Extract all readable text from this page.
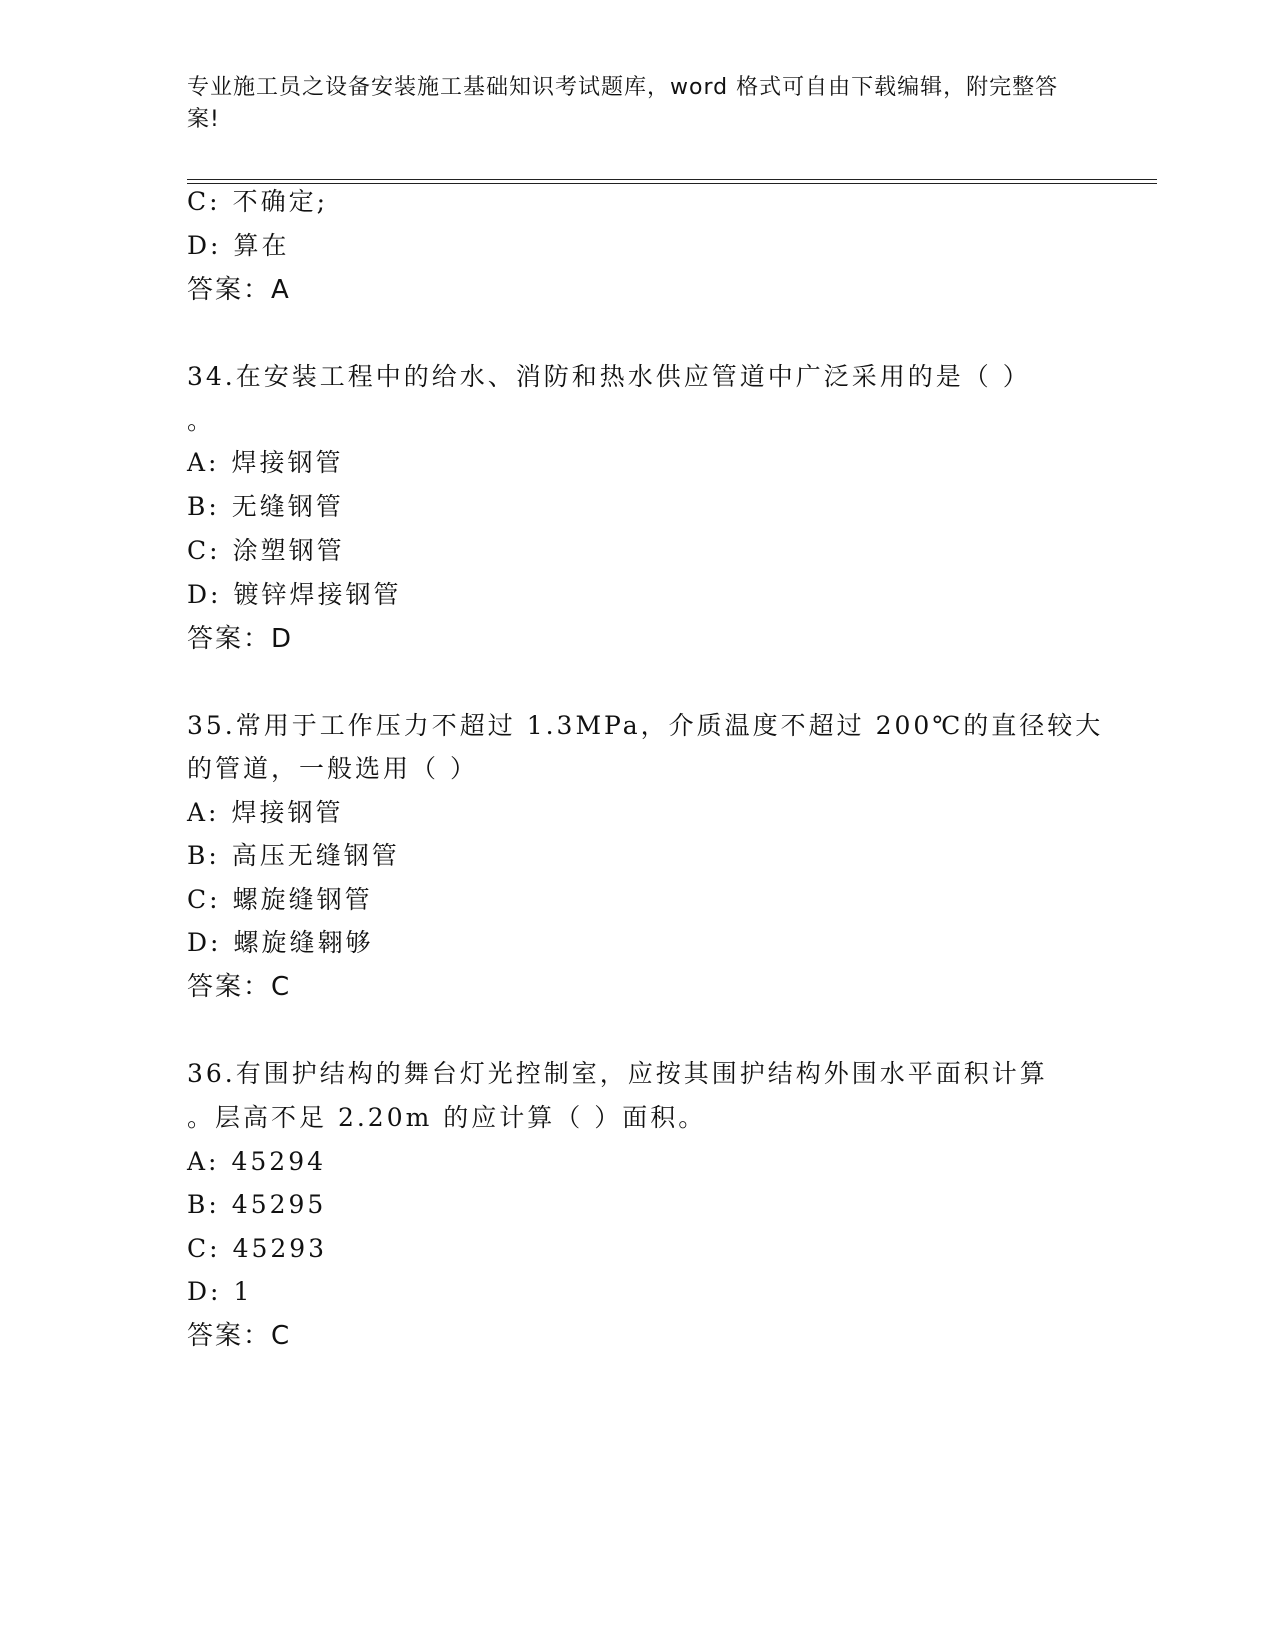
专业施工员之设备安装施工基础知识考试题库，word 格式可自由下载编辑，附完整答案!
C: 不确定;
D: 算在
答案：A
34.在安装工程中的给水、消防和热水供应管道中广泛采用的是（ ）
。
A: 焊接钢管
B: 无缝钢管
C: 涂塑钢管
D: 镀锌焊接钢管
答案：D
35.常用于工作压力不超过 1.3MPa，介质温度不超过 200℃的直径较大
的管道，一般选用（ ）
A: 焊接钢管
B: 高压无缝钢管
C: 螺旋缝钢管
D: 螺旋缝翱够
答案：C
36.有围护结构的舞台灯光控制室，应按其围护结构外围水平面积计算
。层高不足 2.20m 的应计算（ ）面积。
A: 45294
B: 45295
C: 45293
D: 1
答案：C
